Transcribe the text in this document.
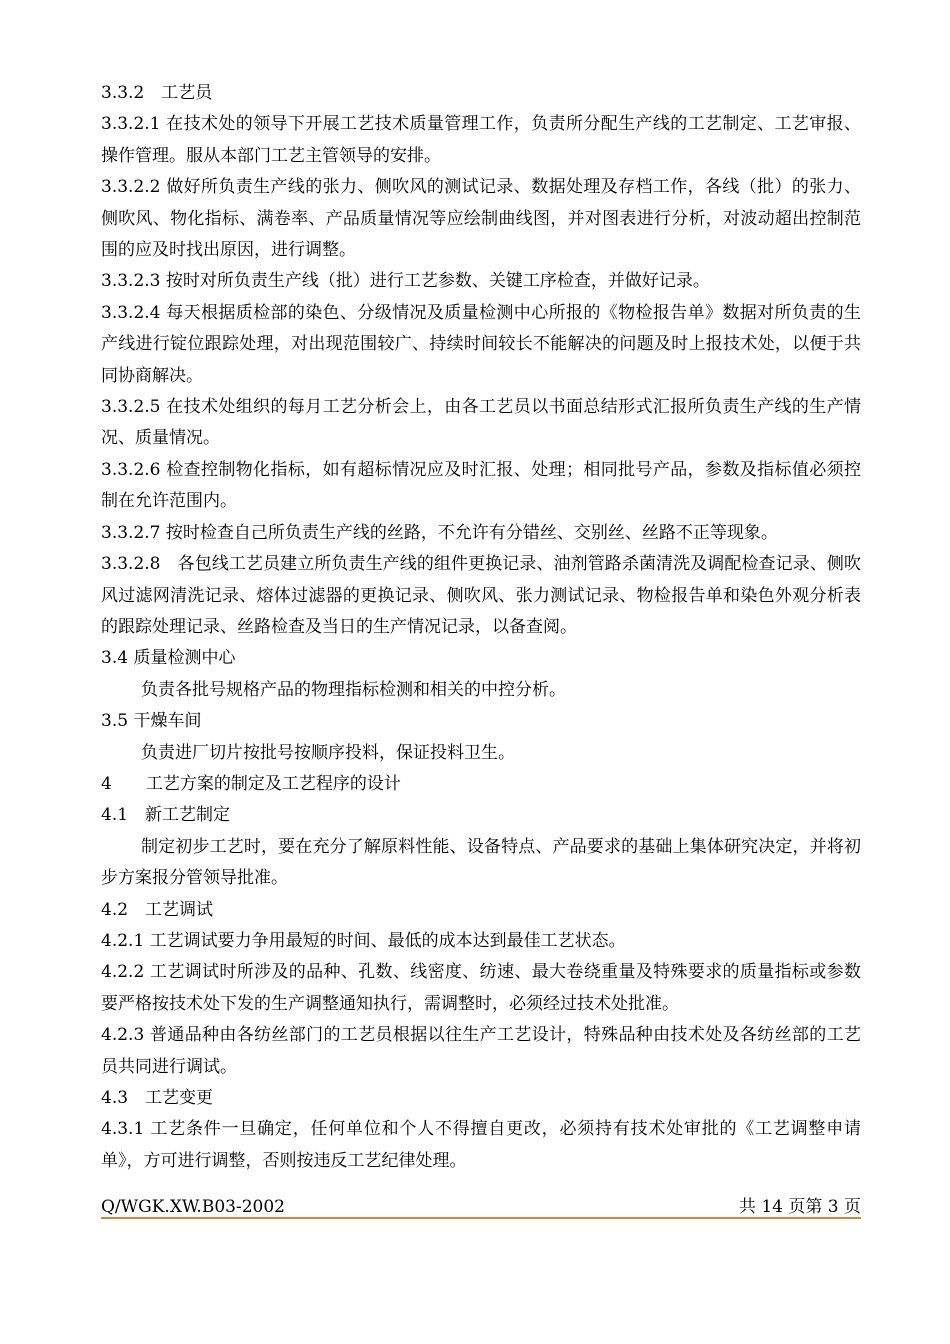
3.3.2　工艺员

3.3.2.1 在技术处的领导下开展工艺技术质量管理工作，负责所分配生产线的工艺制定、工艺审报、操作管理。服从本部门工艺主管领导的安排。

3.3.2.2 做好所负责生产线的张力、侧吹风的测试记录、数据处理及存档工作，各线（批）的张力、侧吹风、物化指标、满卷率、产品质量情况等应绘制曲线图，并对图表进行分析，对波动超出控制范围的应及时找出原因，进行调整。

3.3.2.3 按时对所负责生产线（批）进行工艺参数、关键工序检查，并做好记录。

3.3.2.4 每天根据质检部的染色、分级情况及质量检测中心所报的《物检报告单》数据对所负责的生产线进行锭位跟踪处理，对出现范围较广、持续时间较长不能解决的问题及时上报技术处，以便于共同协商解决。

3.3.2.5 在技术处组织的每月工艺分析会上，由各工艺员以书面总结形式汇报所负责生产线的生产情况、质量情况。

3.3.2.6 检查控制物化指标，如有超标情况应及时汇报、处理；相同批号产品，参数及指标值必须控制在允许范围内。

3.3.2.7 按时检查自己所负责生产线的丝路，不允许有分错丝、交别丝、丝路不正等现象。

3.3.2.8　各包线工艺员建立所负责生产线的组件更换记录、油剂管路杀菌清洗及调配检查记录、侧吹风过滤网清洗记录、熔体过滤器的更换记录、侧吹风、张力测试记录、物检报告单和染色外观分析表的跟踪处理记录、丝路检查及当日的生产情况记录，以备查阅。

3.4 质量检测中心

负责各批号规格产品的物理指标检测和相关的中控分析。

3.5 干燥车间

负责进厂切片按批号按顺序投料，保证投料卫生。

4　　工艺方案的制定及工艺程序的设计

4.1　新工艺制定

制定初步工艺时，要在充分了解原料性能、设备特点、产品要求的基础上集体研究决定，并将初步方案报分管领导批准。

4.2　工艺调试

4.2.1 工艺调试要力争用最短的时间、最低的成本达到最佳工艺状态。

4.2.2 工艺调试时所涉及的品种、孔数、线密度、纺速、最大卷绕重量及特殊要求的质量指标或参数要严格按技术处下发的生产调整通知执行，需调整时，必须经过技术处批准。

4.2.3 普通品种由各纺丝部门的工艺员根据以往生产工艺设计，特殊品种由技术处及各纺丝部的工艺员共同进行调试。

4.3　工艺变更

4.3.1 工艺条件一旦确定，任何单位和个人不得擅自更改，必须持有技术处审批的《工艺调整申请单》，方可进行调整，否则按违反工艺纪律处理。

Q/WGK.XW.B03-2002	共 14 页第 3 页
